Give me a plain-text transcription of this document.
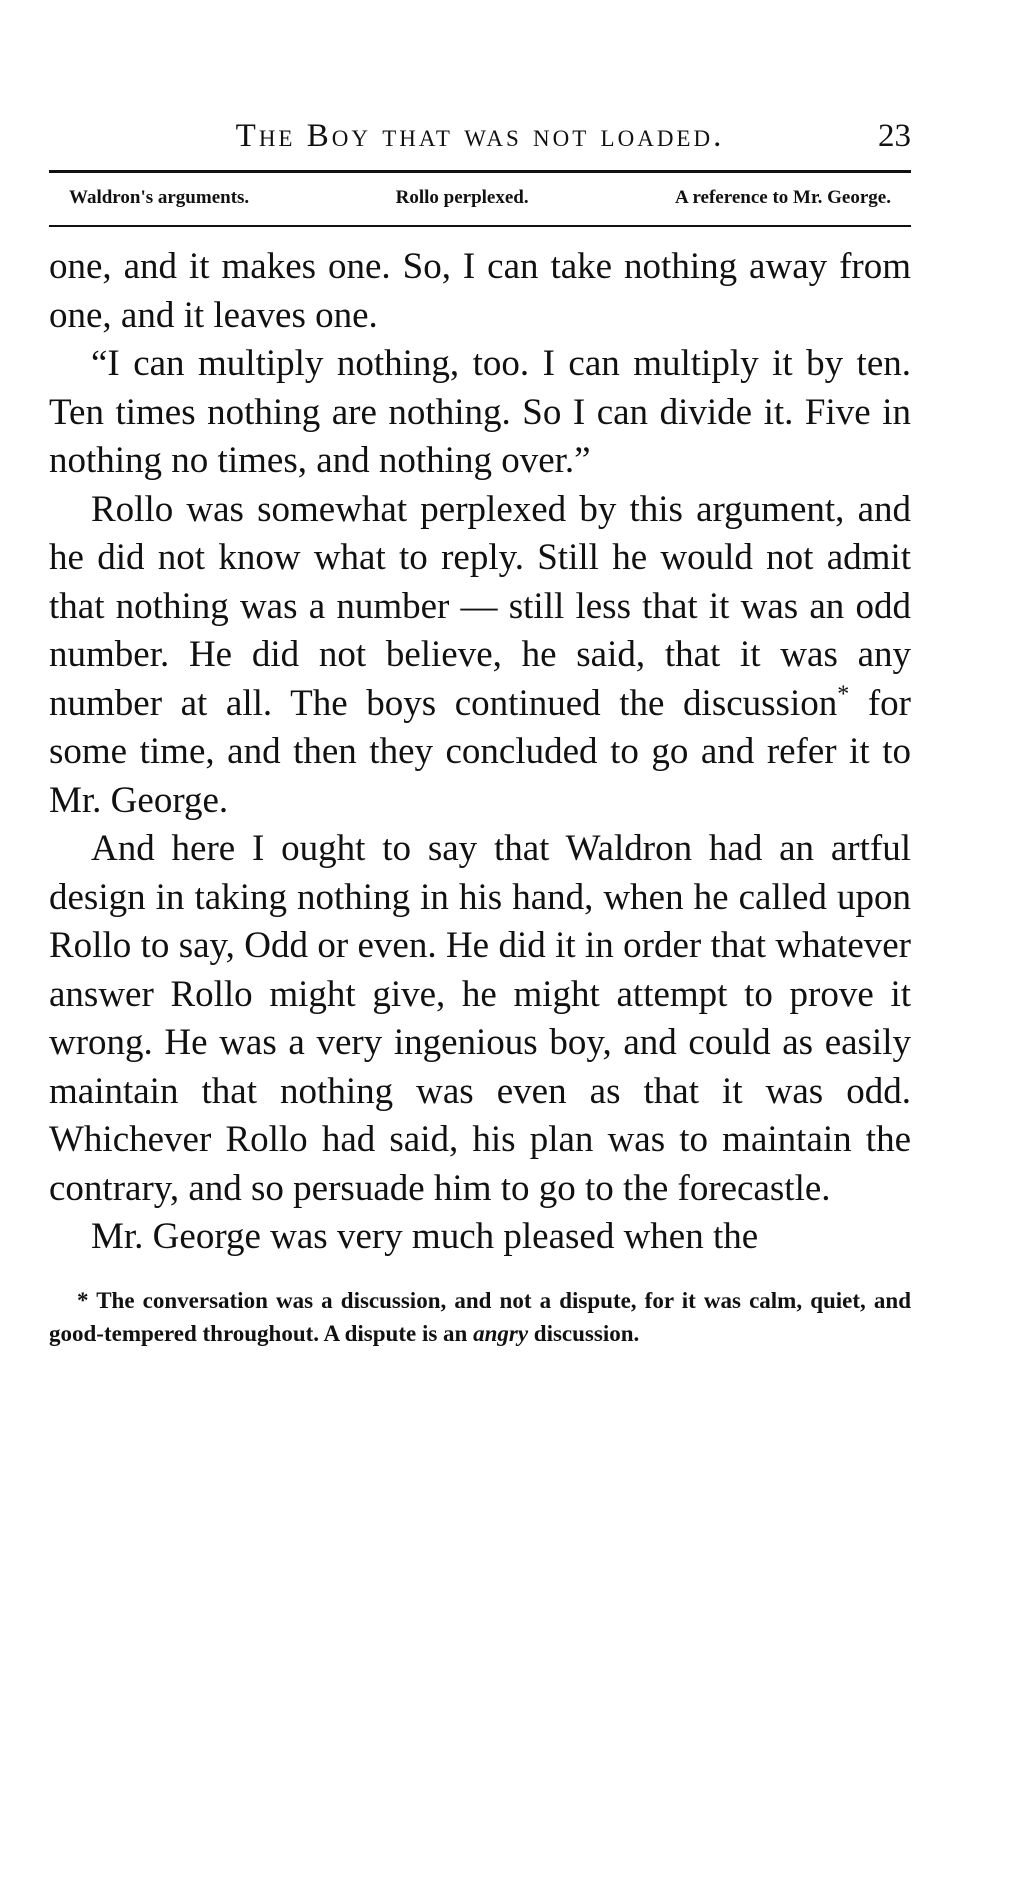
The Boy that was not loaded.	23
Waldron's arguments.	Rollo perplexed.	A reference to Mr. George.

one, and it makes one. So, I can take nothing away from one, and it leaves one.

“I can multiply nothing, too. I can multiply it by ten. Ten times nothing are nothing. So I can divide it. Five in nothing no times, and nothing over.”

Rollo was somewhat perplexed by this argument, and he did not know what to reply. Still he would not admit that nothing was a number — still less that it was an odd number. He did not believe, he said, that it was any number at all. The boys continued the discussion* for some time, and then they concluded to go and refer it to Mr. George.

And here I ought to say that Waldron had an artful design in taking nothing in his hand, when he called upon Rollo to say, Odd or even. He did it in order that whatever answer Rollo might give, he might attempt to prove it wrong. He was a very ingenious boy, and could as easily maintain that nothing was even as that it was odd. Whichever Rollo had said, his plan was to maintain the contrary, and so persuade him to go to the forecastle.

Mr. George was very much pleased when the

* The conversation was a discussion, and not a dispute, for it was calm, quiet, and good-tempered throughout. A dispute is an angry discussion.
